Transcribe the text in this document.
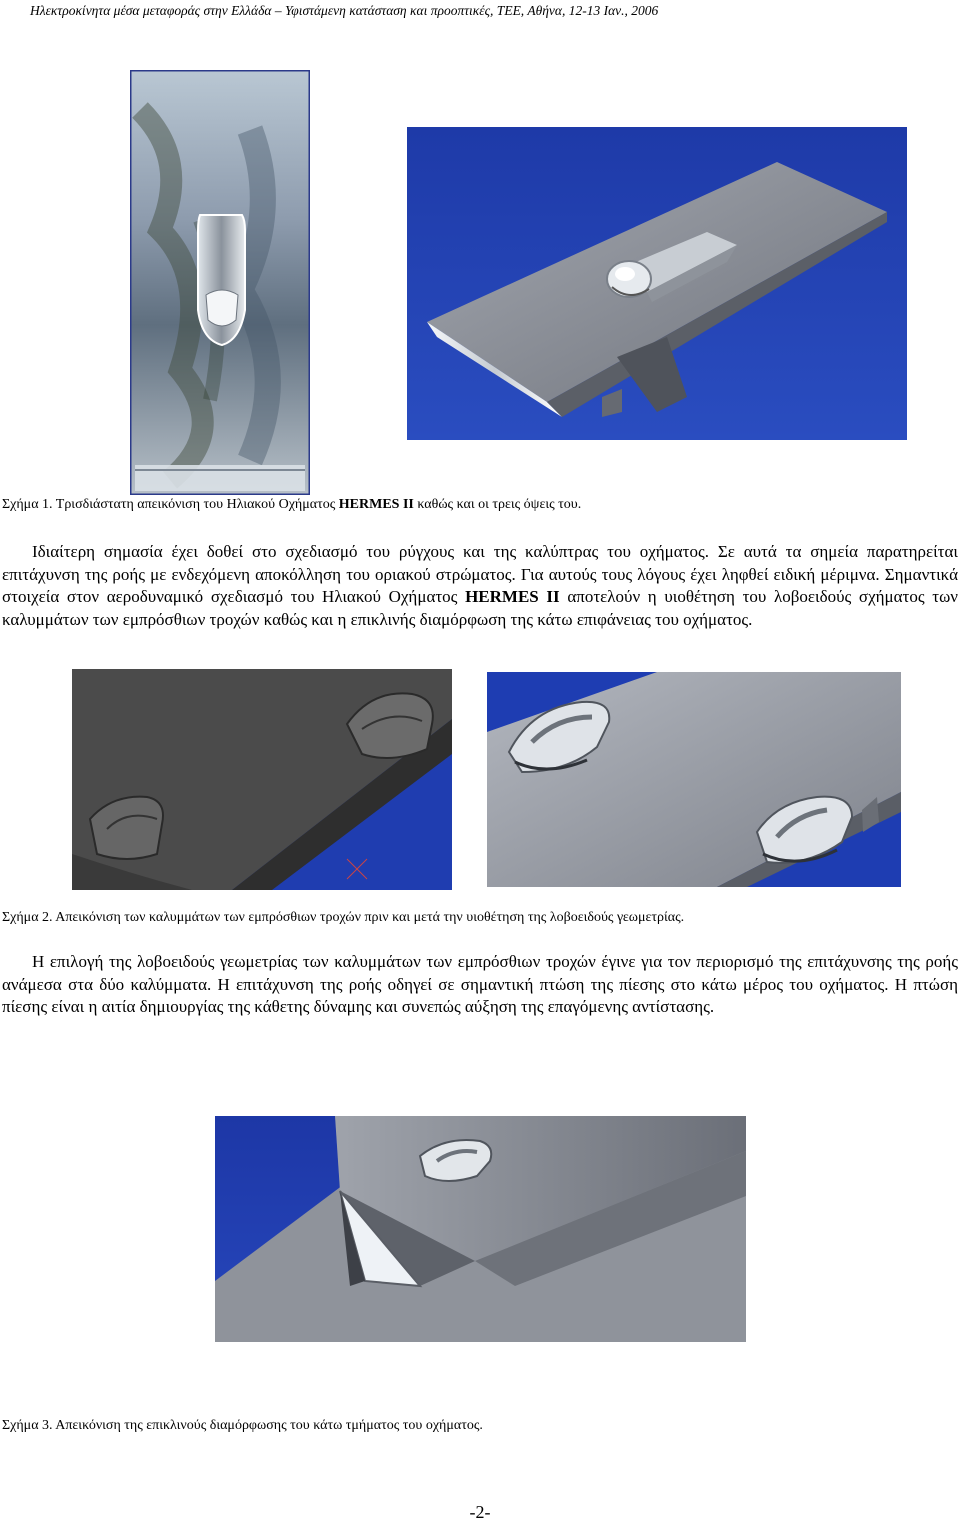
Ηλεκτροκίνητα μέσα μεταφοράς στην Ελλάδα – Υφιστάμενη κατάσταση και προοπτικές, ΤΕΕ, Αθήνα, 12-13 Ιαν., 2006
Σχήμα 1. Τρισδιάστατη απεικόνιση του Ηλιακού Οχήματος HERMES II καθώς και οι τρεις όψεις του.
Ιδιαίτερη σημασία έχει δοθεί στο σχεδιασμό του ρύγχους και της καλύπτρας του οχήματος. Σε αυτά τα σημεία παρατηρείται επιτάχυνση της ροής με ενδεχόμενη αποκόλληση του οριακού στρώματος. Για αυτούς τους λόγους έχει ληφθεί ειδική μέριμνα. Σημαντικά στοιχεία στον αεροδυναμικό σχεδιασμό του Ηλιακού Οχήματος HERMES II αποτελούν η υιοθέτηση του λοβοειδούς σχήματος των καλυμμάτων των εμπρόσθιων τροχών καθώς και η επικλινής διαμόρφωση της κάτω επιφάνειας του οχήματος.
Σχήμα 2. Απεικόνιση των καλυμμάτων των εμπρόσθιων τροχών πριν και μετά την υιοθέτηση της λοβοειδούς γεωμετρίας.
Η επιλογή της λοβοειδούς γεωμετρίας των καλυμμάτων των εμπρόσθιων τροχών έγινε για τον περιορισμό της επιτάχυνσης της ροής ανάμεσα στα δύο καλύμματα. Η επιτάχυνση της ροής οδηγεί σε σημαντική πτώση της πίεσης στο κάτω μέρος του οχήματος. Η πτώση πίεσης είναι η αιτία δημιουργίας της κάθετης δύναμης και συνεπώς αύξηση της επαγόμενης αντίστασης.
Σχήμα 3. Απεικόνιση της επικλινούς διαμόρφωσης του κάτω τμήματος του οχήματος.
-2-
